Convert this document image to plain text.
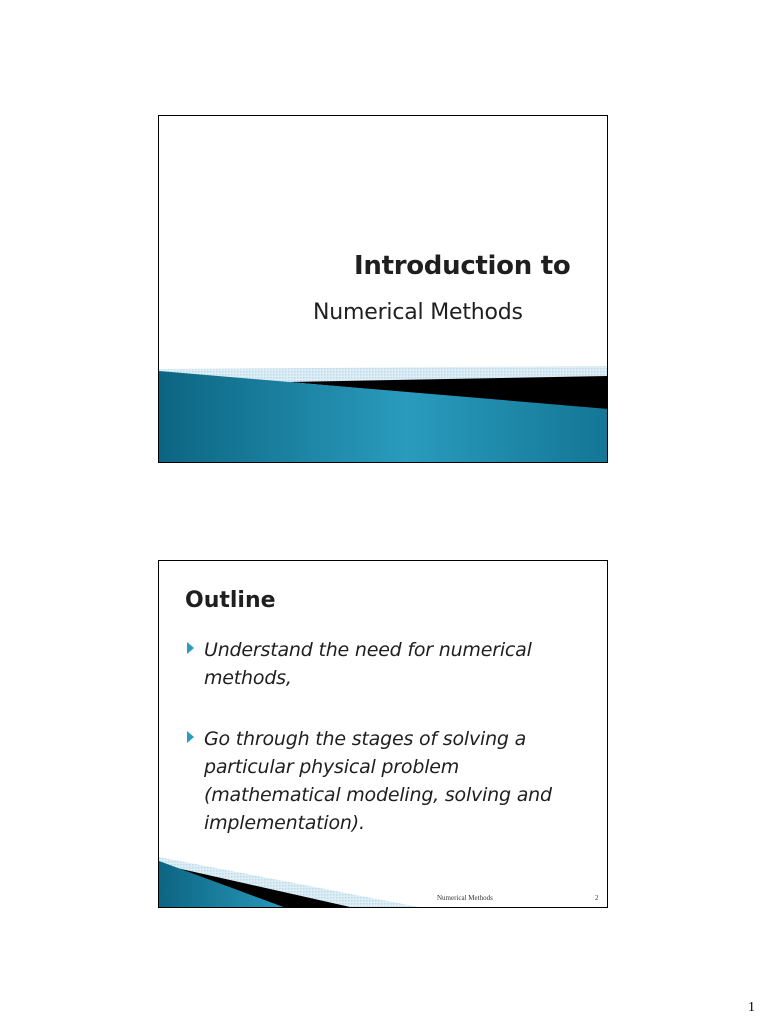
Introduction to
Numerical Methods
Outline
Understand the need for numerical methods,
Go through the stages of solving a particular physical problem (mathematical modeling, solving and implementation).
Numerical Methods	2
1
